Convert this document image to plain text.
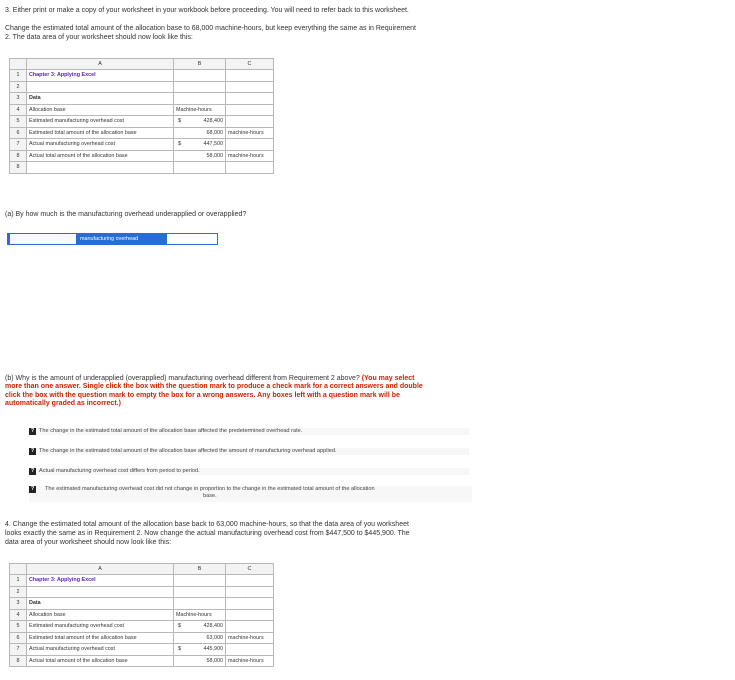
3. Either print or make a copy of your worksheet in your workbook before proceeding. You will need to refer back to this worksheet.
Change the estimated total amount of the allocation base to 68,000 machine-hours, but keep everything the same as in Requirement
2. The data area of your worksheet should now look like this:
	A	B	C
1	Chapter 3: Applying Excel		
2			
3	Data		
4	Allocation base	Machine-hours	
5	Estimated manufacturing overhead cost	$ 428,400	
6	Estimated total amount of the allocation base	68,000	machine-hours
7	Actual manufacturing overhead cost	$ 447,500	
8	Actual total amount of the allocation base	58,000	machine-hours

8			
(a) By how much is the manufacturing overhead underapplied or overapplied?
manufacturing overhead
(b) Why is the amount of underapplied (overapplied) manufacturing overhead different from Requirement 2 above? (You may select
more than one answer. Single click the box with the question mark to produce a check mark for a correct answers and double
click the box with the question mark to empty the box for a wrong answers. Any boxes left with a question mark will be
automatically graded as incorrect.)
? The change in the estimated total amount of the allocation base affected the predetermined overhead rate.
? The change in the estimated total amount of the allocation base affected the amount of manufacturing overhead applied.
? Actual manufacturing overhead cost differs from period to period.
?	The estimated manufacturing overhead cost did not change in proportion to the change in the estimated total amount of the allocation
base.
4. Change the estimated total amount of the allocation base back to 63,000 machine-hours, so that the data area of you worksheet
looks exactly the same as in Requirement 2. Now change the actual manufacturing overhead cost from $447,500 to $445,900. The
data area of your worksheet should now look like this:
	A	B	C
1	Chapter 3: Applying Excel		
2			
3	Data		
4	Allocation base	Machine-hours	
5	Estimated manufacturing overhead cost	$ 428,400	
6	Estimated total amount of the allocation base	63,000	machine-hours
7	Actual manufacturing overhead cost	$ 445,900	

8	Actual total amount of the allocation base	58,000	machine-hours
